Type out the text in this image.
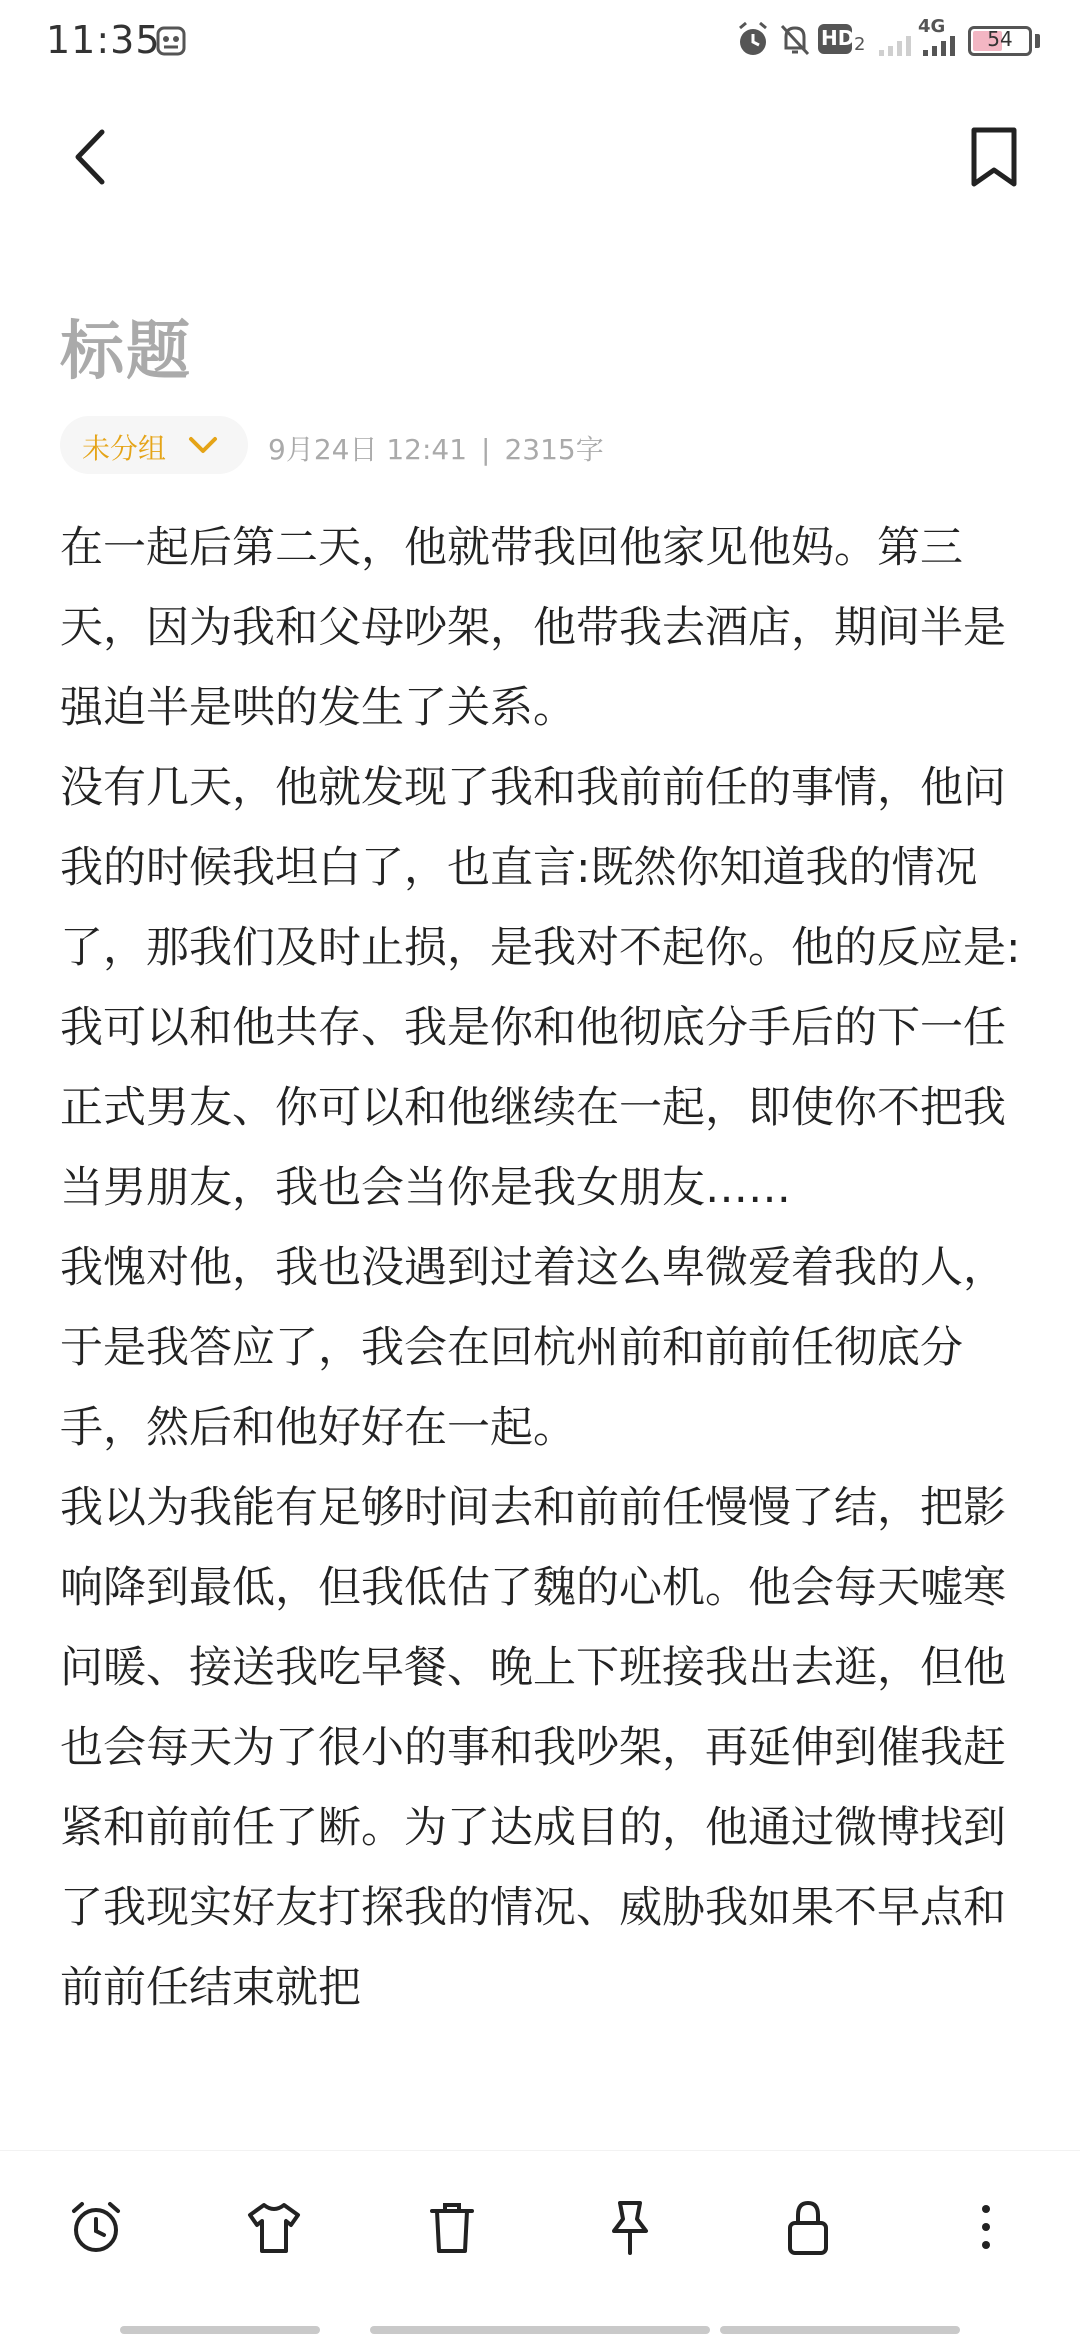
11:35	HD 2
4G
54
标题
未分组	9月24日 12:41 | 2315字

在一起后第二天，他就带我回他家见他妈。第三天，因为我和父母吵架，他带我去酒店，期间半是强迫半是哄的发生了关系。

没有几天，他就发现了我和我前前任的事情，他问我的时候我坦白了，也直言:既然你知道我的情况了，那我们及时止损，是我对不起你。他的反应是:我可以和他共存、我是你和他彻底分手后的下一任正式男友、你可以和他继续在一起，即使你不把我当男朋友，我也会当你是我女朋友……

我愧对他，我也没遇到过着这么卑微爱着我的人，于是我答应了，我会在回杭州前和前前任彻底分手，然后和他好好在一起。

我以为我能有足够时间去和前前任慢慢了结，把影响降到最低，但我低估了魏的心机。他会每天嘘寒问暖、接送我吃早餐、晚上下班接我出去逛，但他也会每天为了很小的事和我吵架，再延伸到催我赶紧和前前任了断。为了达成目的，他通过微博找到了我现实好友打探我的情况、威胁我如果不早点和前前任结束就把
